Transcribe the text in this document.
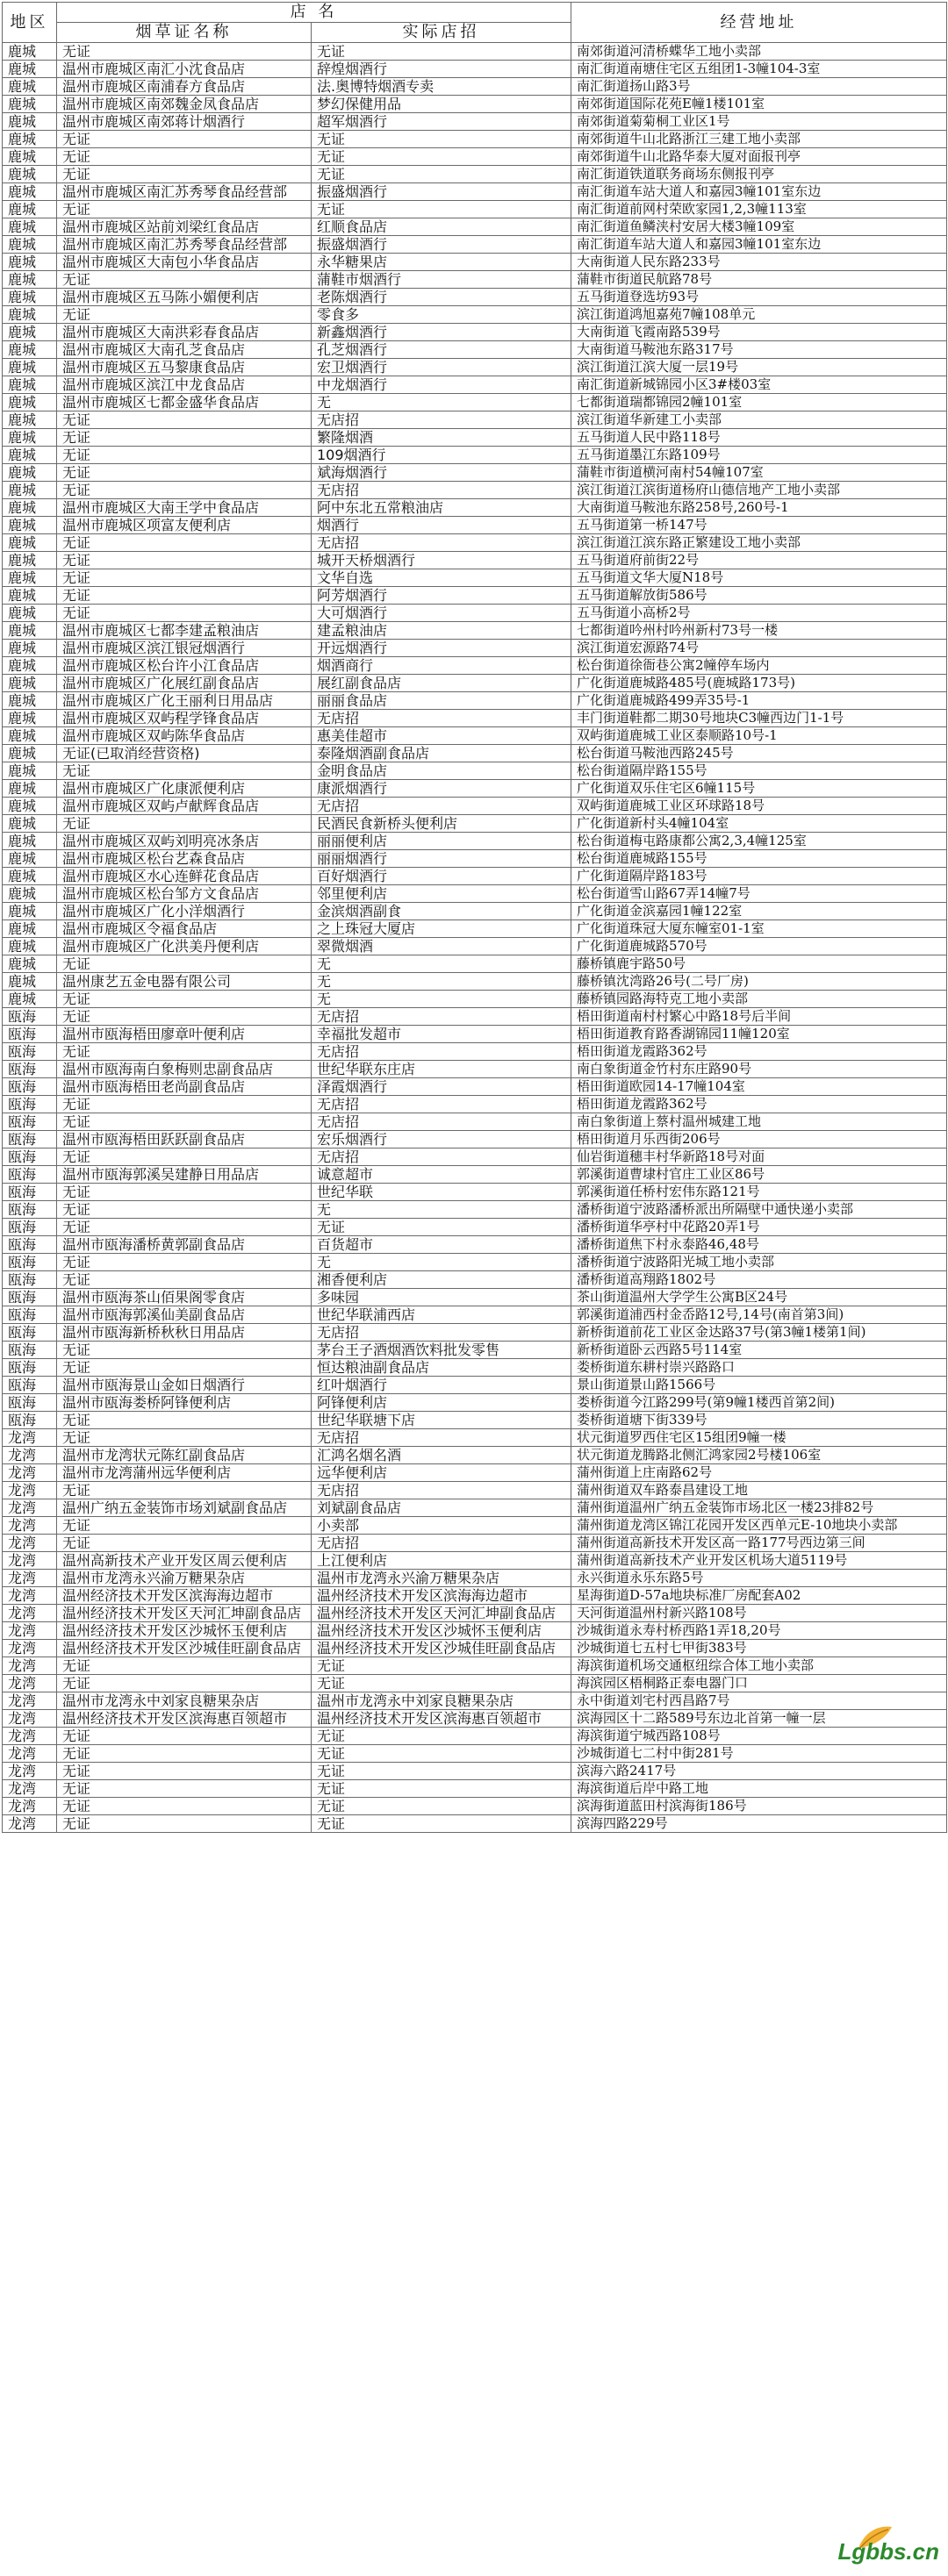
地区	店 名		经营地址
	烟草证名称	实际店招	
鹿城	无证	无证	南郊街道河清桥蝶华工地小卖部
鹿城	温州市鹿城区南汇小沈食品店	辞煌烟酒行	南汇街道南塘住宅区五组团1-3幢104-3室
鹿城	温州市鹿城区南浦春方食品店	法.奥博特烟酒专卖	南汇街道扬山路3号
鹿城	温州市鹿城区南郊魏金凤食品店	梦幻保健用品	南郊街道国际花苑E幢1楼101室
鹿城	温州市鹿城区南郊蒋计烟酒行	超军烟酒行	南郊街道菊菊桐工业区1号
鹿城	无证	无证	南郊街道牛山北路浙江三建工地小卖部
鹿城	无证	无证	南郊街道牛山北路华泰大厦对面报刊亭
鹿城	无证	无证	南汇街道铁道联务商场东侧报刊亭
鹿城	温州市鹿城区南汇苏秀琴食品经营部	振盛烟酒行	南汇街道车站大道人和嘉园3幢101室东边
鹿城	无证	无证	南汇街道前网村荣欧家园1,2,3幢113室
鹿城	温州市鹿城区站前刘梁红食品店	红顺食品店	南汇街道鱼鳞浃村安居大楼3幢109室
鹿城	温州市鹿城区南汇苏秀琴食品经营部	振盛烟酒行	南汇街道车站大道人和嘉园3幢101室东边
鹿城	温州市鹿城区大南包小华食品店	永华糖果店	大南街道人民东路233号
鹿城	无证	蒲鞋市烟酒行	蒲鞋市街道民航路78号
鹿城	温州市鹿城区五马陈小媚便利店	老陈烟酒行	五马街道登选坊93号
鹿城	无证	零食多	滨江街道鸿旭嘉苑7幢108单元
鹿城	温州市鹿城区大南洪彩春食品店	新鑫烟酒行	大南街道飞霞南路539号
鹿城	温州市鹿城区大南孔芝食品店	孔芝烟酒行	大南街道马鞍池东路317号
鹿城	温州市鹿城区五马黎康食品店	宏卫烟酒行	滨江街道江滨大厦一层19号
鹿城	温州市鹿城区滨江中龙食品店	中龙烟酒行	南汇街道新城锦园小区3#楼03室
鹿城	温州市鹿城区七都金盛华食品店	无	七都街道瑞都锦园2幢101室
鹿城	无证	无店招	滨江街道华新建工小卖部
鹿城	无证	繁隆烟酒	五马街道人民中路118号
鹿城	无证	109烟酒行	五马街道墨江东路109号
鹿城	无证	斌海烟酒行	蒲鞋市街道横河南村54幢107室
鹿城	无证	无店招	滨江街道江滨街道杨府山德信地产工地小卖部
鹿城	温州市鹿城区大南王学中食品店	阿中东北五常粮油店	大南街道马鞍池东路258号,260号-1
鹿城	温州市鹿城区项富友便利店	烟酒行	五马街道第一桥147号
鹿城	无证	无店招	滨江街道江滨东路正繁建设工地小卖部
鹿城	无证	城开天桥烟酒行	五马街道府前街22号
鹿城	无证	文华自选	五马街道文华大厦N18号
鹿城	无证	阿芳烟酒行	五马街道解放街586号
鹿城	无证	大可烟酒行	五马街道小高桥2号
鹿城	温州市鹿城区七都李建孟粮油店	建孟粮油店	七都街道吟州村吟州新村73号一楼
鹿城	温州市鹿城区滨江银冠烟酒行	开远烟酒行	滨江街道宏源路74号
鹿城	温州市鹿城区松台许小江食品店	烟酒商行	松台街道徐衙巷公寓2幢停车场内
鹿城	温州市鹿城区广化展红副食品店	展红副食品店	广化街道鹿城路485号(鹿城路173号)
鹿城	温州市鹿城区广化王丽利日用品店	丽丽食品店	广化街道鹿城路499弄35号-1
鹿城	温州市鹿城区双屿程学锋食品店	无店招	丰门街道鞋都二期30号地块C3幢西边门1-1号
鹿城	温州市鹿城区双屿陈华食品店	惠美佳超市	双屿街道鹿城工业区泰顺路10号-1
鹿城	无证(已取消经营资格)	泰隆烟酒副食品店	松台街道马鞍池西路245号
鹿城	无证	金明食品店	松台街道隔岸路155号
鹿城	温州市鹿城区广化康派便利店	康派烟酒行	广化街道双乐住宅区6幢115号
鹿城	温州市鹿城区双屿卢献辉食品店	无店招	双屿街道鹿城工业区环球路18号
鹿城	无证	民酒民食新桥头便利店	广化街道新村头4幢104室
鹿城	温州市鹿城区双屿刘明亮冰条店	丽丽便利店	松台街道梅屯路康都公寓2,3,4幢125室
鹿城	温州市鹿城区松台艺森食品店	丽丽烟酒行	松台街道鹿城路155号
鹿城	温州市鹿城区水心连鲜花食品店	百好烟酒行	广化街道隔岸路183号
鹿城	温州市鹿城区松台邹方文食品店	邻里便利店	松台街道雪山路67弄14幢7号
鹿城	温州市鹿城区广化小洋烟酒行	金滨烟酒副食	广化街道金滨嘉园1幢122室
鹿城	温州市鹿城区令福食品店	之上珠冠大厦店	广化街道珠冠大厦东幢室01-1室
鹿城	温州市鹿城区广化洪美丹便利店	翠微烟酒	广化街道鹿城路570号
鹿城	无证	无	藤桥镇鹿宇路50号
鹿城	温州康艺五金电器有限公司	无	藤桥镇沈湾路26号(二号厂房)
鹿城	无证	无	藤桥镇园路海特克工地小卖部
瓯海	无证	无店招	梧田街道南村村繁心中路18号后半间
瓯海	温州市瓯海梧田廖章叶便利店	幸福批发超市	梧田街道教育路香湖锦园11幢120室
瓯海	无证	无店招	梧田街道龙霞路362号
瓯海	温州市瓯海南白象梅则忠副食品店	世纪华联东庄店	南白象街道金竹村东庄路90号
瓯海	温州市瓯海梧田老尚副食品店	泽霞烟酒行	梧田街道欧园14-17幢104室
瓯海	无证	无店招	梧田街道龙霞路362号
瓯海	无证	无店招	南白象街道上蔡村温州城建工地
瓯海	温州市瓯海梧田跃跃副食品店	宏乐烟酒行	梧田街道月乐西街206号
瓯海	无证	无店招	仙岩街道穗丰村华新路18号对面
瓯海	温州市瓯海郭溪吴建静日用品店	诚意超市	郭溪街道曹埭村官庄工业区86号
瓯海	无证	世纪华联	郭溪街道任桥村宏伟东路121号
瓯海	无证	无	潘桥街道宁波路潘桥派出所隔壁中通快递小卖部
瓯海	无证	无证	潘桥街道华亭村中花路20弄1号
瓯海	温州市瓯海潘桥黄郭副食品店	百货超市	潘桥街道焦下村永泰路46,48号
瓯海	无证	无	潘桥街道宁波路阳光城工地小卖部
瓯海	无证	湘香便利店	潘桥街道高翔路1802号
瓯海	温州市瓯海茶山佰果阁零食店	多味园	茶山街道温州大学学生公寓B区24号
瓯海	温州市瓯海郭溪仙美副食品店	世纪华联浦西店	郭溪街道浦西村金岙路12号,14号(南首第3间)
瓯海	温州市瓯海新桥秋秋日用品店	无店招	新桥街道前花工业区金达路37号(第3幢1楼第1间)
瓯海	无证	茅台王子酒烟酒饮料批发零售	新桥街道卧云西路5号114室
瓯海	无证	恒达粮油副食品店	娄桥街道东耕村崇兴路路口
瓯海	温州市瓯海景山金如日烟酒行	红叶烟酒行	景山街道景山路1566号
瓯海	温州市瓯海娄桥阿锋便利店	阿锋便利店	娄桥街道今江路299号(第9幢1楼西首第2间)
瓯海	无证	世纪华联塘下店	娄桥街道塘下街339号
龙湾	无证	无店招	状元街道罗西住宅区15组团9幢一楼
龙湾	温州市龙湾状元陈红副食品店	汇鸿名烟名酒	状元街道龙腾路北侧汇鸿家园2号楼106室
龙湾	温州市龙湾蒲州远华便利店	远华便利店	蒲州街道上庄南路62号
龙湾	无证	无店招	蒲州街道双车路泰昌建设工地
龙湾	温州广纳五金装饰市场刘斌副食品店	刘斌副食品店	蒲州街道温州广纳五金装饰市场北区一楼23排82号
龙湾	无证	小卖部	蒲州街道龙湾区锦江花园开发区西单元E-10地块小卖部
龙湾	无证	无店招	蒲州街道高新技术开发区高一路177号西边第三间
龙湾	温州高新技术产业开发区周云便利店	上江便利店	蒲州街道高新技术产业开发区机场大道5119号
龙湾	温州市龙湾永兴渝万糖果杂店	温州市龙湾永兴渝万糖果杂店	永兴街道永乐东路5号
龙湾	温州经济技术开发区滨海海边超市	温州经济技术开发区滨海海边超市	星海街道D-57a地块标准厂房配套A02
龙湾	温州经济技术开发区天河汇坤副食品店	温州经济技术开发区天河汇坤副食品店	天河街道温州村新兴路108号
龙湾	温州经济技术开发区沙城怀玉便利店	温州经济技术开发区沙城怀玉便利店	沙城街道永寿村桥西路1弄18,20号
龙湾	温州经济技术开发区沙城佳旺副食品店	温州经济技术开发区沙城佳旺副食品店	沙城街道七五村七甲街383号
龙湾	无证	无证	海滨街道机场交通枢纽综合体工地小卖部
龙湾	无证	无证	海滨园区梧桐路正泰电器门口
龙湾	温州市龙湾永中刘家良糖果杂店	温州市龙湾永中刘家良糖果杂店	永中街道刘宅村西昌路7号
龙湾	温州经济技术开发区滨海惠百领超市	温州经济技术开发区滨海惠百领超市	滨海园区十二路589号东边北首第一幢一层
龙湾	无证	无证	海滨街道宁城西路108号
龙湾	无证	无证	沙城街道七二村中街281号
龙湾	无证	无证	滨海六路2417号
龙湾	无证	无证	海滨街道后岸中路工地
龙湾	无证	无证	滨海街道蓝田村滨海街186号
龙湾	无证	无证	滨海四路229号
Lgbbs.cn
